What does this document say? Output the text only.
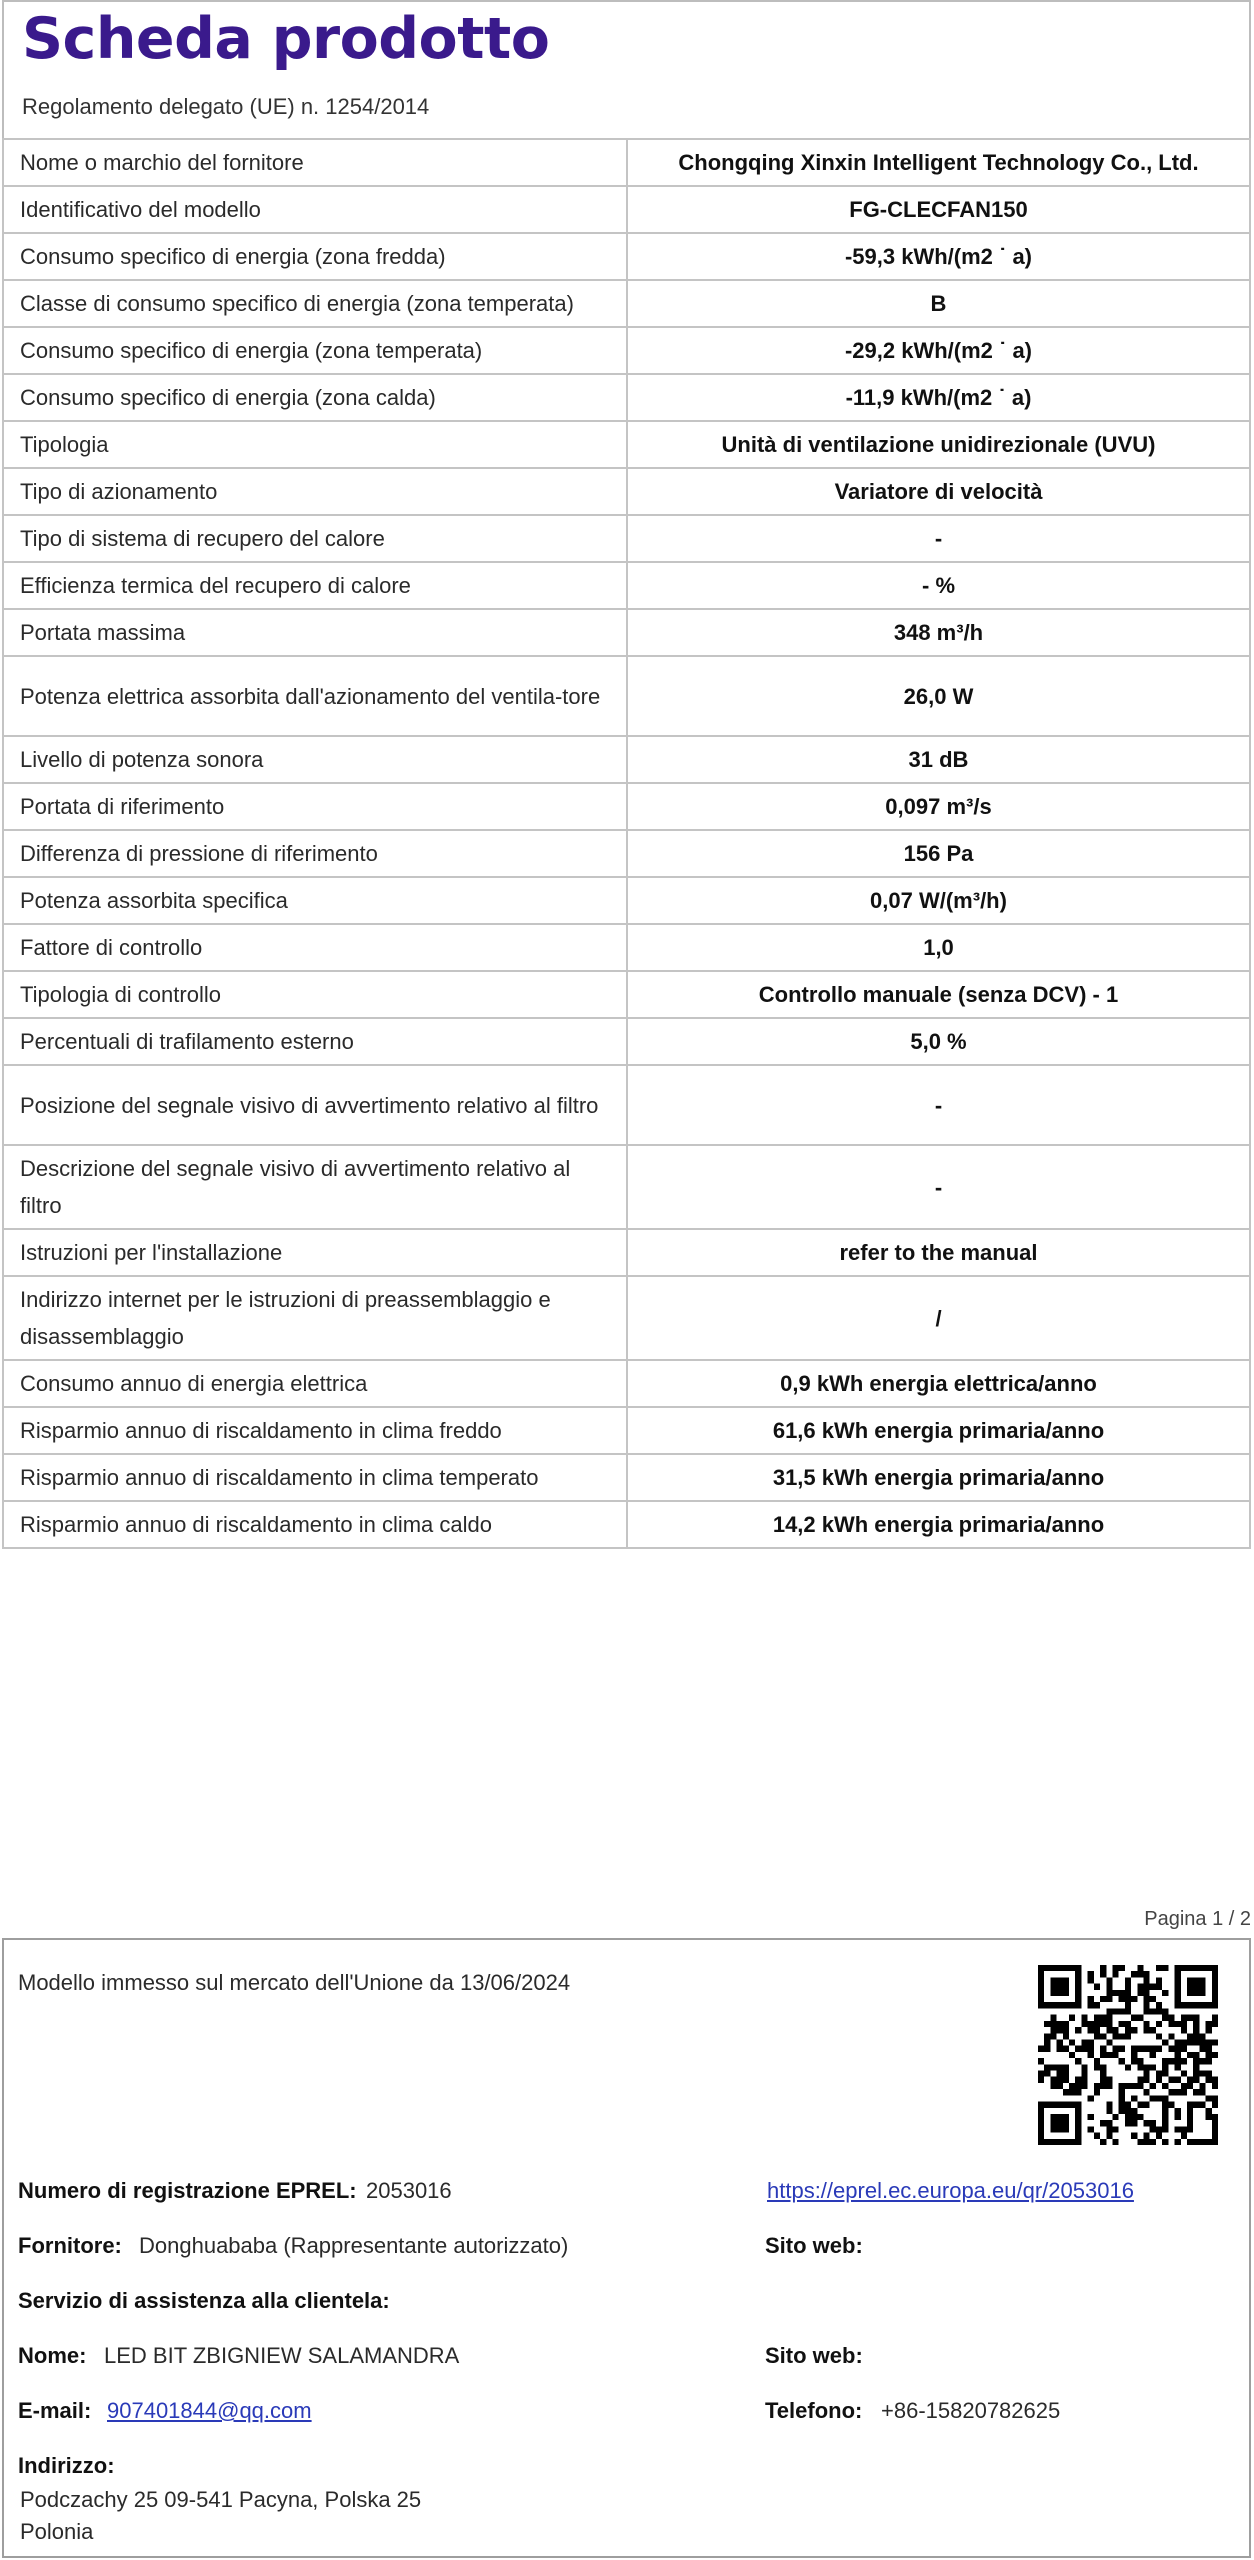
Scheda prodotto
Regolamento delegato (UE) n. 1254/2014
Nome o marchio del fornitore	Chongqing Xinxin Intelligent Technology Co., Ltd.
Identificativo del modello	FG-CLECFAN150
Consumo specifico di energia (zona fredda)	-59,3 kWh/(m2 ˙ a)
Classe di consumo specifico di energia (zona temperata)	B
Consumo specifico di energia (zona temperata)	-29,2 kWh/(m2 ˙ a)
Consumo specifico di energia (zona calda)	-11,9 kWh/(m2 ˙ a)
Tipologia	Unità di ventilazione unidirezionale (UVU)
Tipo di azionamento	Variatore di velocità
Tipo di sistema di recupero del calore	-
Efficienza termica del recupero di calore	- %
Portata massima	348 m³/h
Potenza elettrica assorbita dall'azionamento del ventila-tore	26,0 W
Livello di potenza sonora	31 dB
Portata di riferimento	0,097 m³/s
Differenza di pressione di riferimento	156 Pa
Potenza assorbita specifica	0,07 W/(m³/h)
Fattore di controllo	1,0
Tipologia di controllo	Controllo manuale (senza DCV) - 1
Percentuali di trafilamento esterno	5,0 %
Posizione del segnale visivo di avvertimento relativo al filtro	-
Descrizione del segnale visivo di avvertimento relativo al filtro	-
Istruzioni per l'installazione	refer to the manual
Indirizzo internet per le istruzioni di preassemblaggio e disassemblaggio	/
Consumo annuo di energia elettrica	0,9 kWh energia elettrica/anno
Risparmio annuo di riscaldamento in clima freddo	61,6 kWh energia primaria/anno
Risparmio annuo di riscaldamento in clima temperato	31,5 kWh energia primaria/anno
Risparmio annuo di riscaldamento in clima caldo	14,2 kWh energia primaria/anno
Pagina 1 / 2
Modello immesso sul mercato dell'Unione da 13/06/2024
Numero di registrazione EPREL: 2053016	https://eprel.ec.europa.eu/qr/2053016
Fornitore: Donghuababa (Rappresentante autorizzato)	Sito web:
Servizio di assistenza alla clientela:
Nome: LED BIT ZBIGNIEW SALAMANDRA	Sito web:
E-mail: 907401844@qq.com	Telefono: +86-15820782625
Indirizzo:
Podczachy 25 09-541 Pacyna, Polska 25
Polonia
